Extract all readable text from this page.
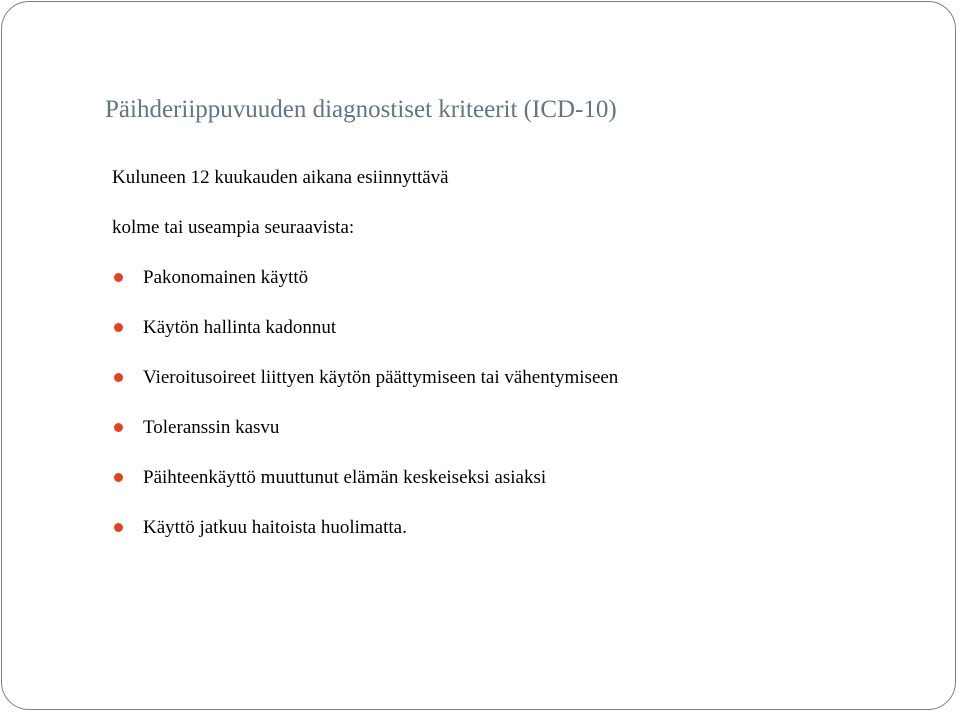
Päihderiippuvuuden diagnostiset kriteerit (ICD-10)

Kuluneen 12 kuukauden aikana esiinnyttävä

kolme tai useampia seuraavista:

Pakonomainen käyttö
Käytön hallinta kadonnut
Vieroitusoireet liittyen käytön päättymiseen tai vähentymiseen
Toleranssin kasvu
Päihteenkäyttö muuttunut elämän keskeiseksi asiaksi
Käyttö jatkuu haitoista huolimatta.
